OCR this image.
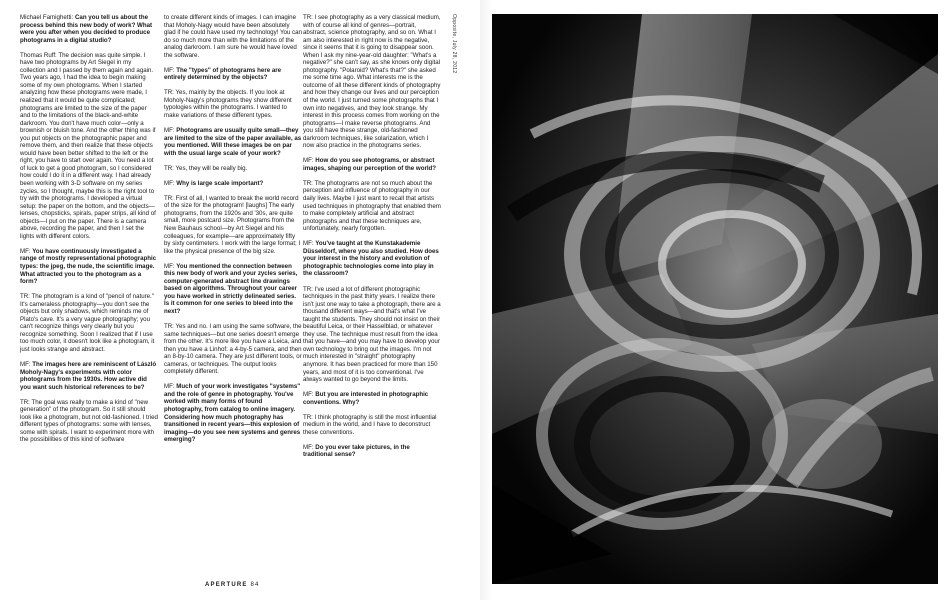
Michael Famighetti: Can you tell us about the process behind this new body of work? What were you after when you decided to produce photograms in a digital studio?

Thomas Ruff: The decision was quite simple. I have two photograms by Art Siegel in my collection and I passed by them again and again. Two years ago, I had the idea to begin making some of my own photograms. When I started analyzing how these photograms were made, I realized that it would be quite complicated; photograms are limited to the size of the paper and to the limitations of the black-and-white darkroom. You don't have much color—only a brownish or bluish tone. And the other thing was if you put objects on the photographic paper and remove them, and then realize that these objects would have been better shifted to the left or the right, you have to start over again. You need a lot of luck to get a good photogram, so I considered how could I do it in a different way. I had already been working with 3-D software on my series zycles, so I thought, maybe this is the right tool to try with the photograms. I developed a virtual setup: the paper on the bottom, and the objects—lenses, chopsticks, spirals, paper strips, all kind of objects—I put on the paper. There is a camera above, recording the paper, and then I set the lights with different colors.

MF: You have continuously investigated a range of mostly representational photographic types: the jpeg, the nude, the scientific image. What attracted you to the photogram as a form?

TR: The photogram is a kind of "pencil of nature." It's cameraless photography—you don't see the objects but only shadows, which reminds me of Plato's cave. It's a very vague photography; you can't recognize things very clearly but you recognize something. Soon I realized that if I use too much color, it doesn't look like a photogram, it just looks strange and abstract.

MF: The images here are reminiscent of László Moholy-Nagy's experiments with color photograms from the 1930s. How active did you want such historical references to be?

TR: The goal was really to make a kind of "new generation" of the photogram. So it still should look like a photogram, but not old-fashioned. I tried different types of photograms: some with lenses, some with spirals. I want to experiment more with the possibilities of this kind of software

to create different kinds of images. I can imagine that Moholy-Nagy would have been absolutely glad if he could have used my technology! You can do so much more than with the limitations of the analog darkroom. I am sure he would have loved the software.

MF: The "types" of photograms here are entirely determined by the objects?

TR: Yes, mainly by the objects. If you look at Moholy-Nagy's photograms they show different typologies within the photograms. I wanted to make variations of these different types.

MF: Photograms are usually quite small—they are limited to the size of the paper available, as you mentioned. Will these images be on par with the usual large scale of your work?

TR: Yes, they will be really big.

MF: Why is large scale important?

TR: First of all, I wanted to break the world record of the size for the photogram! [laughs] The early photograms, from the 1920s and '30s, are quite small, more postcard size. Photograms from the New Bauhaus school—by Art Siegel and his colleagues, for example—are approximately fifty by sixty centimeters. I work with the large format; I like the physical presence of the big size.

MF: You mentioned the connection between this new body of work and your zycles series, computer-generated abstract line drawings based on algorithms. Throughout your career you have worked in strictly delineated series. Is it common for one series to bleed into the next?

TR: Yes and no. I am using the same software, the same techniques—but one series doesn't emerge from the other. It's more like you have a Leica, and then you have a Linhof: a 4-by-5 camera, and then an 8-by-10 camera. They are just different tools, or cameras, or techniques. The output looks completely different.

MF: Much of your work investigates "systems" and the role of genre in photography. You've worked with many forms of found photography, from catalog to online imagery. Considering how much photography has transitioned in recent years—this explosion of imaging—do you see new systems and genres emerging?

TR: I see photography as a very classical medium, with of course all kind of genres—portrait, abstract, science photography, and so on. What I am also interested in right now is the negative, since it seems that it is going to disappear soon. When I ask my nine-year-old daughter: "What's a negative?" she can't say, as she knows only digital photography. "Polaroid? What's that?" she asked me some time ago. What interests me is the outcome of all these different kinds of photography and how they change our lives and our perception of the world. I just turned some photographs that I own into negatives, and they look strange. My interest in this process comes from working on the photograms—I make reverse photograms. And you still have these strange, old-fashioned darkroom techniques, like solarization, which I now also practice in the photograms series.

MF: How do you see photograms, or abstract images, shaping our perception of the world?

TR: The photograms are not so much about the perception and influence of photography in our daily lives. Maybe I just want to recall that artists used techniques in photography that enabled them to make completely artificial and abstract photographs and that these techniques are, unfortunately, nearly forgotten.

MF: You've taught at the Kunstakademie Düsseldorf, where you also studied. How does your interest in the history and evolution of photographic technologies come into play in the classroom?

TR: I've used a lot of different photographic techniques in the past thirty years. I realize there isn't just one way to take a photograph, there are a thousand different ways—and that's what I've taught the students. They should not insist on their beautiful Leica, or their Hasselblad, or whatever they use. The technique must result from the idea that you have—and you may have to develop your own technology to bring out the images. I'm not much interested in "straight" photography anymore. It has been practiced for more than 150 years, and most of it is too conventional. I've always wanted to go beyond the limits.

MF: But you are interested in photographic conventions. Why?

TR: I think photography is still the most influential medium in the world, and I have to deconstruct these conventions.

MF: Do you ever take pictures, in the traditional sense?

Opposite, July 28, 2012
APERTURE 84
